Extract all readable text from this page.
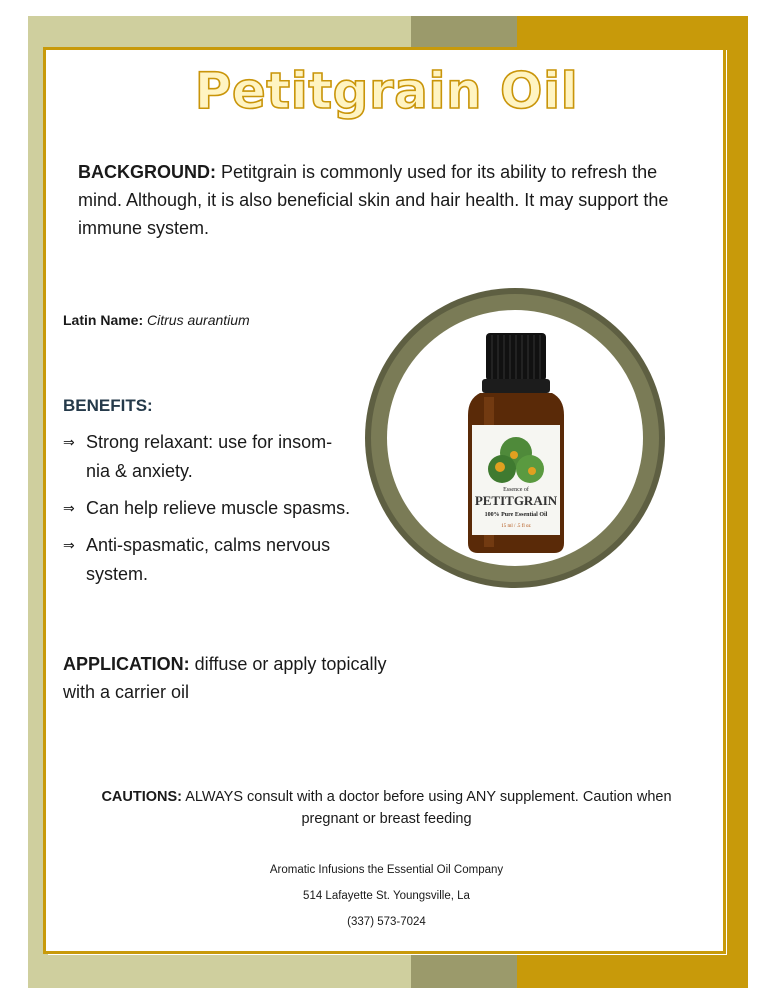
Petitgrain Oil
BACKGROUND: Petitgrain is commonly used for its ability to refresh the mind. Although, it is also beneficial skin and hair health. It may support the immune system.
Latin Name: Citrus aurantium
BENEFITS:
⇒ Strong relaxant: use for insom-nia & anxiety.
⇒ Can help relieve muscle spasms.
⇒ Anti-spasmatic, calms nervous system.
APPLICATION: diffuse or apply topically with a carrier oil
Essence of
PETITGRAIN
100% Pure Essential Oil
15 ml / .5 fl oz
CAUTIONS: ALWAYS consult with a doctor before using ANY supplement. Caution when pregnant or breast feeding
Aromatic Infusions the Essential Oil Company
514 Lafayette St. Youngsville, La
(337) 573-7024
